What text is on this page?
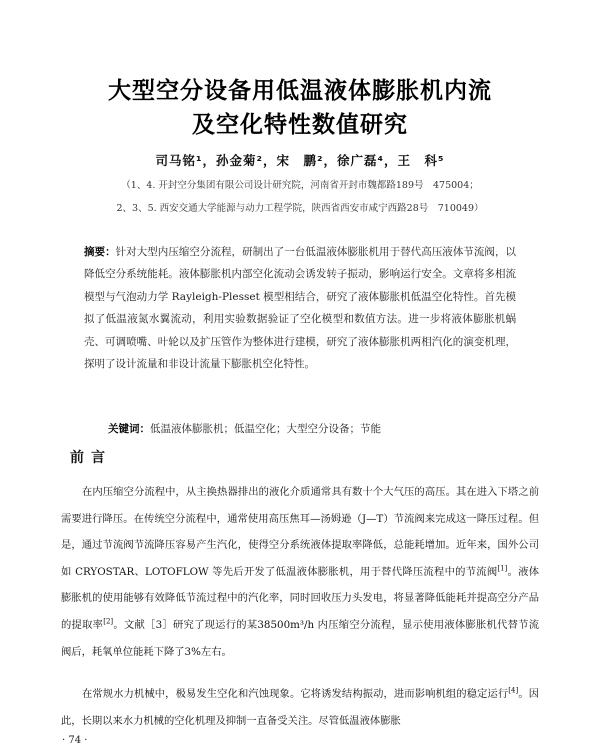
大型空分设备用低温液体膨胀机内流
及空化特性数值研究
司马铭¹，孙金菊²，宋　鹏²，徐广磊⁴，王　科⁵
（1、4. 开封空分集团有限公司设计研究院，河南省开封市魏都路189号　475004；
2、3、5. 西安交通大学能源与动力工程学院，陕西省西安市咸宁西路28号　710049）
摘要：针对大型内压缩空分流程，研制出了一台低温液体膨胀机用于替代高压液体节流阀，以降低空分系统能耗。液体膨胀机内部空化流动会诱发转子振动，影响运行安全。文章将多相流模型与气泡动力学 Rayleigh-Plesset 模型相结合，研究了液体膨胀机低温空化特性。首先模拟了低温液氮水翼流动，利用实验数据验证了空化模型和数值方法。进一步将液体膨胀机蜗壳、可调喷嘴、叶轮以及扩压管作为整体进行建模，研究了液体膨胀机两相汽化的演变机理，探明了设计流量和非设计流量下膨胀机空化特性。
关键词：低温液体膨胀机；低温空化；大型空分设备；节能
前言

在内压缩空分流程中，从主换热器排出的液化介质通常具有数十个大气压的高压。其在进入下塔之前需要进行降压。在传统空分流程中，通常使用高压焦耳—汤姆逊（J—T）节流阀来完成这一降压过程。但是，通过节流阀节流降压容易产生汽化，使得空分系统液体提取率降低，总能耗增加。近年来，国外公司如 CRYOSTAR、LOTOFLOW 等先后开发了低温液体膨胀机，用于替代降压流程中的节流阀[1]。液体膨胀机的使用能够有效降低节流过程中的汽化率，同时回收压力头发电，将显著降低能耗并提高空分产品的提取率[2]。文献［3］研究了现运行的某38500m³/h 内压缩空分流程，显示使用液体膨胀机代替节流阀后，耗氧单位能耗下降了3%左右。

在常规水力机械中，极易发生空化和汽蚀现象。它将诱发结构振动，进而影响机组的稳定运行[4]。因此，长期以来水力机械的空化机理及抑制一直备受关注。尽管低温液体膨胀

· 74 ·
